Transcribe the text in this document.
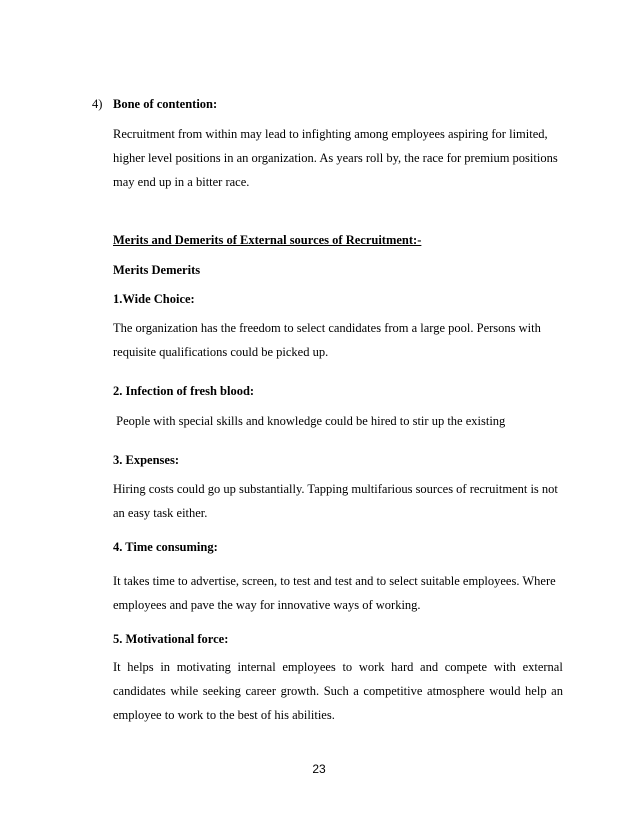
4) Bone of contention:
Recruitment from within may lead to infighting among employees aspiring for limited,
higher level positions in an organization. As years roll by, the race for premium positions
may end up in a bitter race.
Merits and Demerits of External sources of Recruitment:-
Merits Demerits
1.Wide Choice:
The organization has the freedom to select candidates from a large pool. Persons with
requisite qualifications could be picked up.
2. Infection of fresh blood:
People with special skills and knowledge could be hired to stir up the existing
3. Expenses:
Hiring costs could go up substantially. Tapping multifarious sources of recruitment is not
an easy task either.
4. Time consuming:
It takes time to advertise, screen, to test and test and to select suitable employees. Where
employees and pave the way for innovative ways of working.
5. Motivational force:
It helps in motivating internal employees to work hard and compete with external
candidates while seeking career growth. Such a competitive atmosphere would help an
employee to work to the best of his abilities.
23
